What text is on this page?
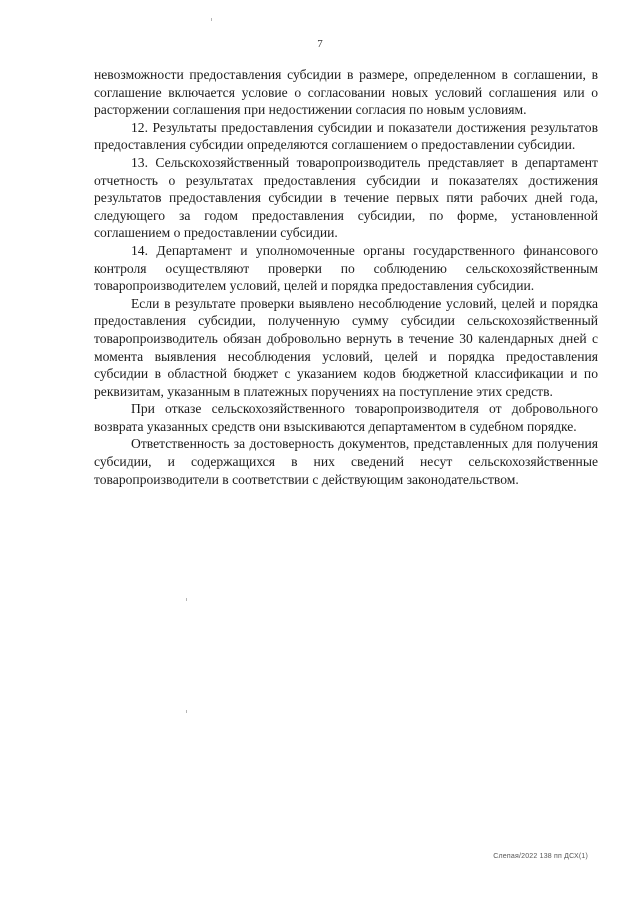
7

невозможности предоставления субсидии в размере, определенном в соглашении, в соглашение включается условие о согласовании новых условий соглашения или о расторжении соглашения при недостижении согласия по новым условиям.

12. Результаты предоставления субсидии и показатели достижения результатов предоставления субсидии определяются соглашением о предоставлении субсидии.

13. Сельскохозяйственный товаропроизводитель представляет в департамент отчетность о результатах предоставления субсидии и показателях достижения результатов предоставления субсидии в течение первых пяти рабочих дней года, следующего за годом предоставления субсидии, по форме, установленной соглашением о предоставлении субсидии.

14. Департамент и уполномоченные органы государственного финансового контроля осуществляют проверки по соблюдению сельскохозяйственным товаропроизводителем условий, целей и порядка предоставления субсидии.

Если в результате проверки выявлено несоблюдение условий, целей и порядка предоставления субсидии, полученную сумму субсидии сельскохозяйственный товаропроизводитель обязан добровольно вернуть в течение 30 календарных дней с момента выявления несоблюдения условий, целей и порядка предоставления субсидии в областной бюджет с указанием кодов бюджетной классификации и по реквизитам, указанным в платежных поручениях на поступление этих средств.

При отказе сельскохозяйственного товаропроизводителя от добровольного возврата указанных средств они взыскиваются департаментом в судебном порядке.

Ответственность за достоверность документов, представленных для получения субсидии, и содержащихся в них сведений несут сельскохозяйственные товаропроизводители в соответствии с действующим законодательством.

Слепая/2022 138 пп ДСХ(1)
